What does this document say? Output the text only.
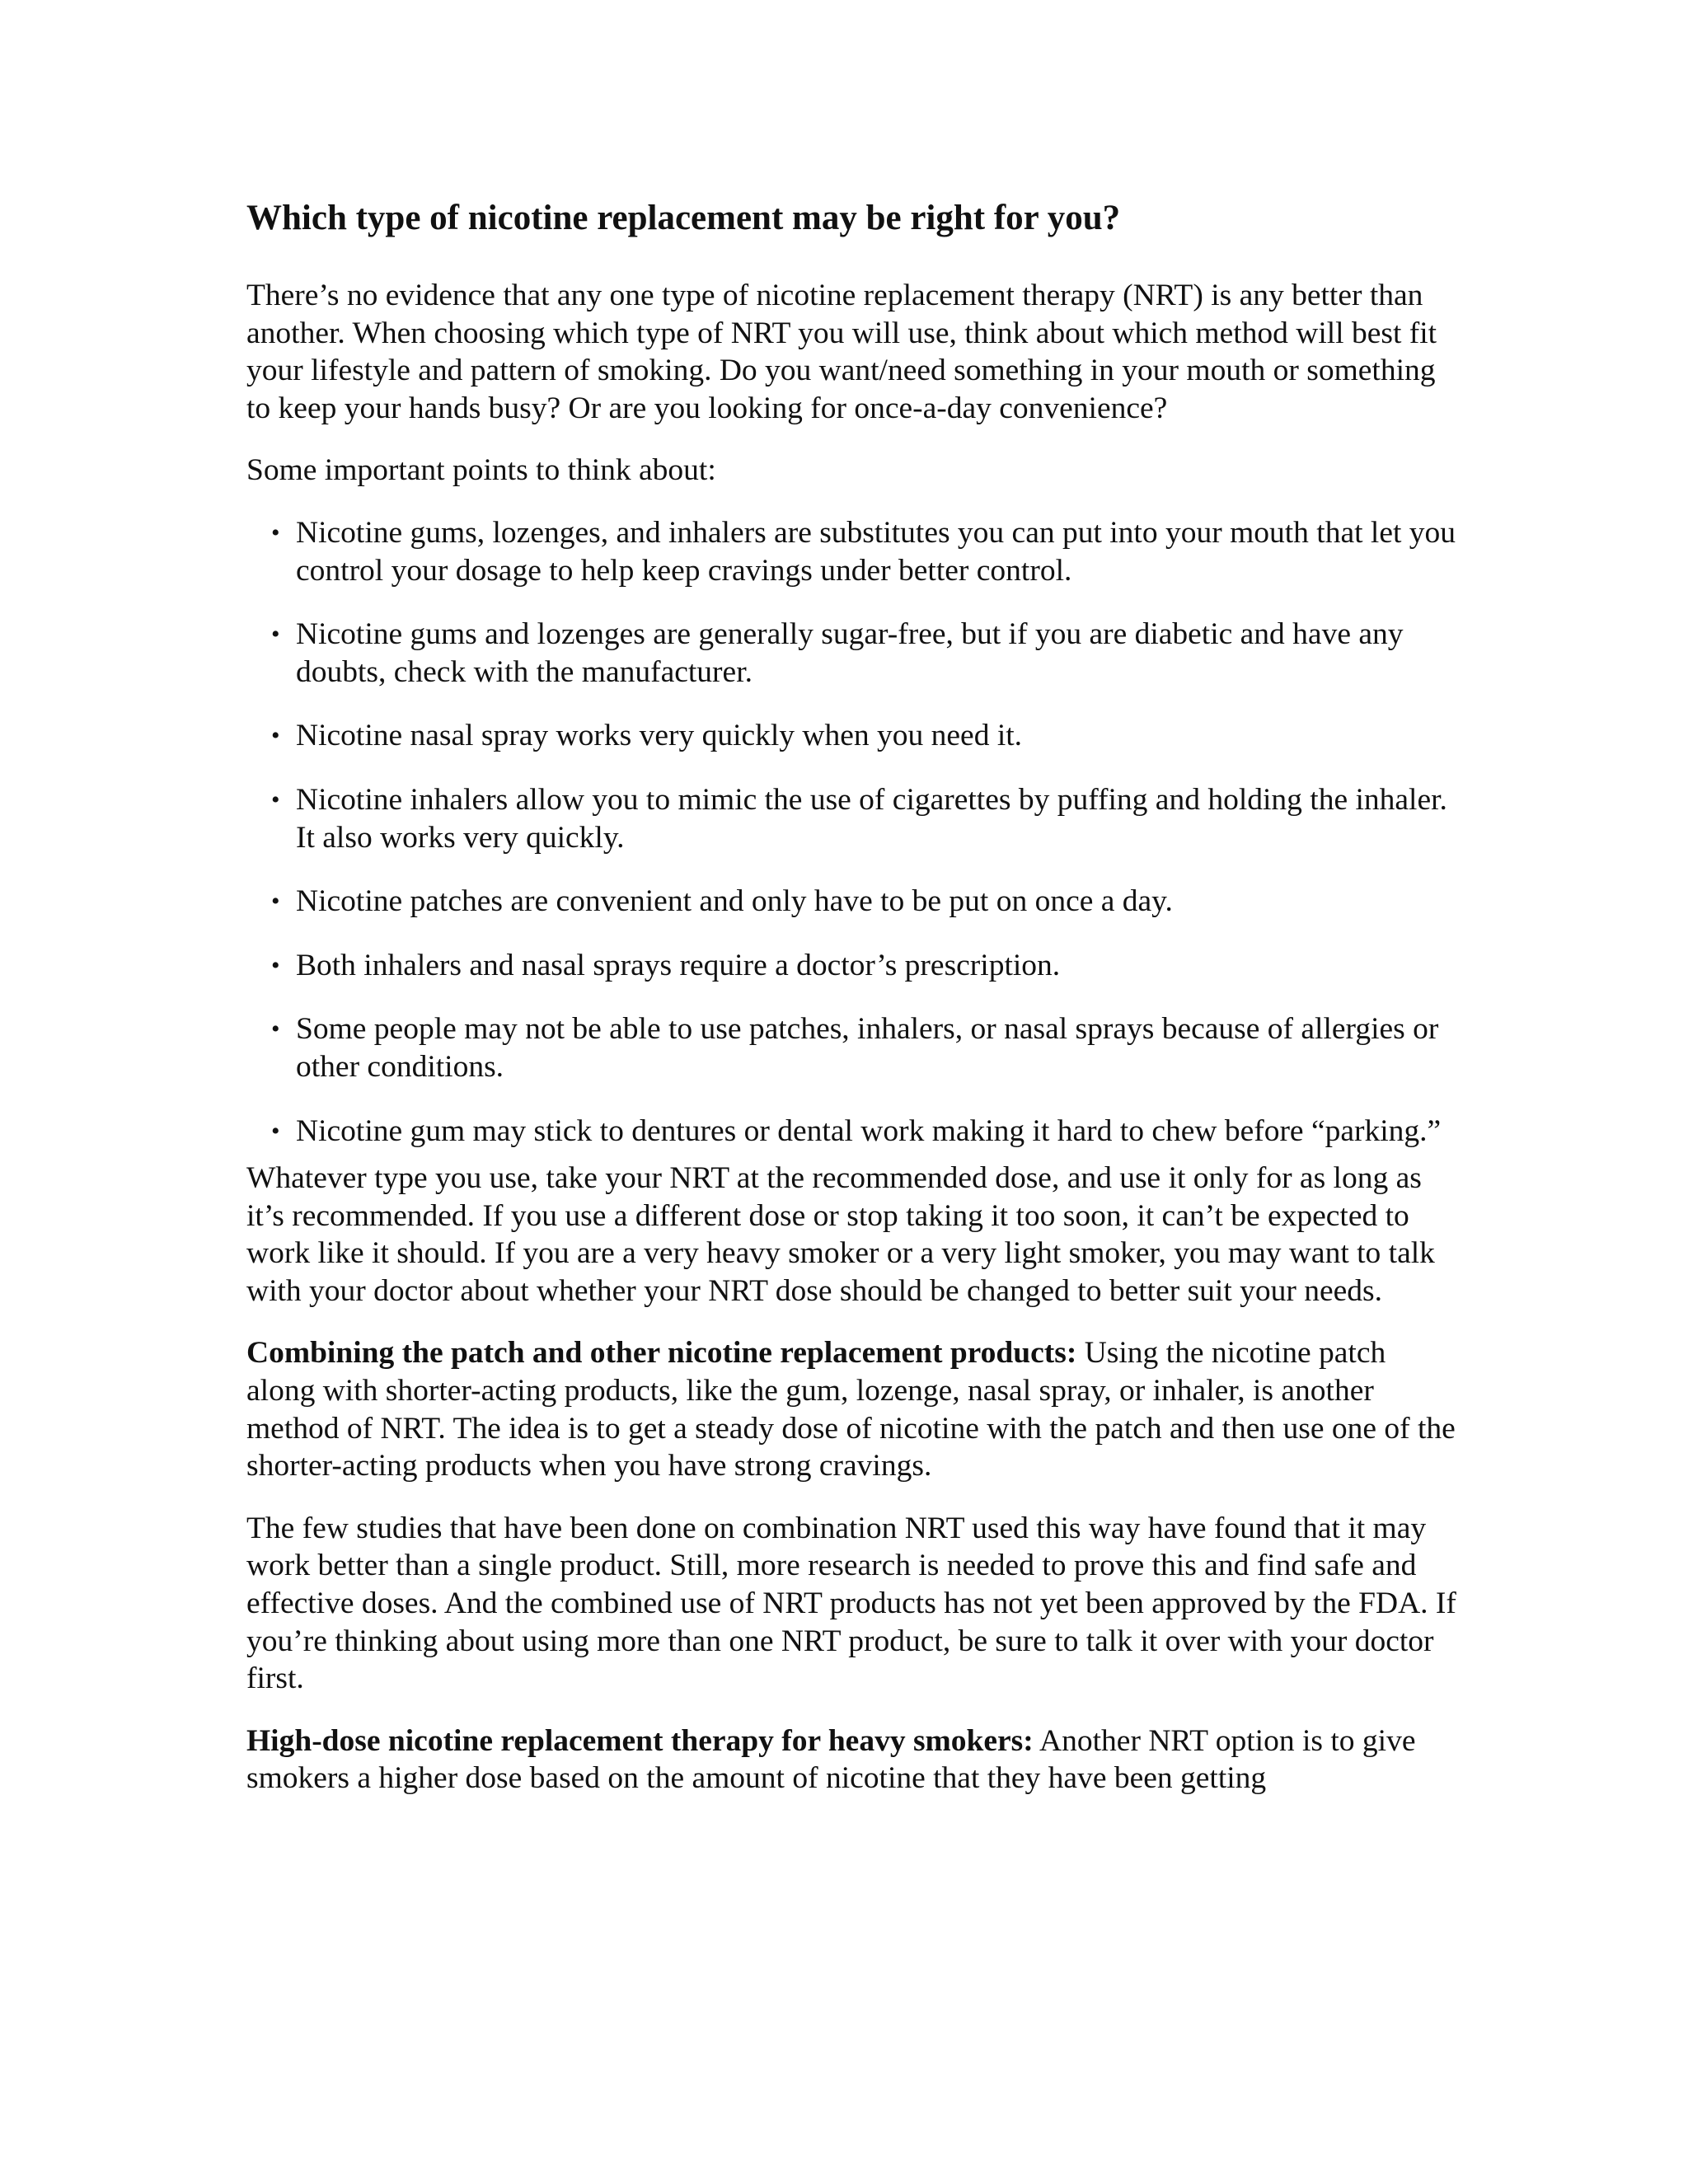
Which type of nicotine replacement may be right for you?

There’s no evidence that any one type of nicotine replacement therapy (NRT) is any better than another. When choosing which type of NRT you will use, think about which method will best fit your lifestyle and pattern of smoking. Do you want/need something in your mouth or something to keep your hands busy? Or are you looking for once-a-day convenience?

Some important points to think about:

• Nicotine gums, lozenges, and inhalers are substitutes you can put into your mouth that let you control your dosage to help keep cravings under better control.
• Nicotine gums and lozenges are generally sugar-free, but if you are diabetic and have any doubts, check with the manufacturer.
• Nicotine nasal spray works very quickly when you need it.
• Nicotine inhalers allow you to mimic the use of cigarettes by puffing and holding the inhaler. It also works very quickly.
• Nicotine patches are convenient and only have to be put on once a day.
• Both inhalers and nasal sprays require a doctor’s prescription.
• Some people may not be able to use patches, inhalers, or nasal sprays because of allergies or other conditions.
• Nicotine gum may stick to dentures or dental work making it hard to chew before “parking.”

Whatever type you use, take your NRT at the recommended dose, and use it only for as long as it’s recommended. If you use a different dose or stop taking it too soon, it can’t be expected to work like it should. If you are a very heavy smoker or a very light smoker, you may want to talk with your doctor about whether your NRT dose should be changed to better suit your needs.

Combining the patch and other nicotine replacement products: Using the nicotine patch along with shorter-acting products, like the gum, lozenge, nasal spray, or inhaler, is another method of NRT. The idea is to get a steady dose of nicotine with the patch and then use one of the shorter-acting products when you have strong cravings.

The few studies that have been done on combination NRT used this way have found that it may work better than a single product. Still, more research is needed to prove this and find safe and effective doses. And the combined use of NRT products has not yet been approved by the FDA. If you’re thinking about using more than one NRT product, be sure to talk it over with your doctor first.

High-dose nicotine replacement therapy for heavy smokers: Another NRT option is to give smokers a higher dose based on the amount of nicotine that they have been getting
